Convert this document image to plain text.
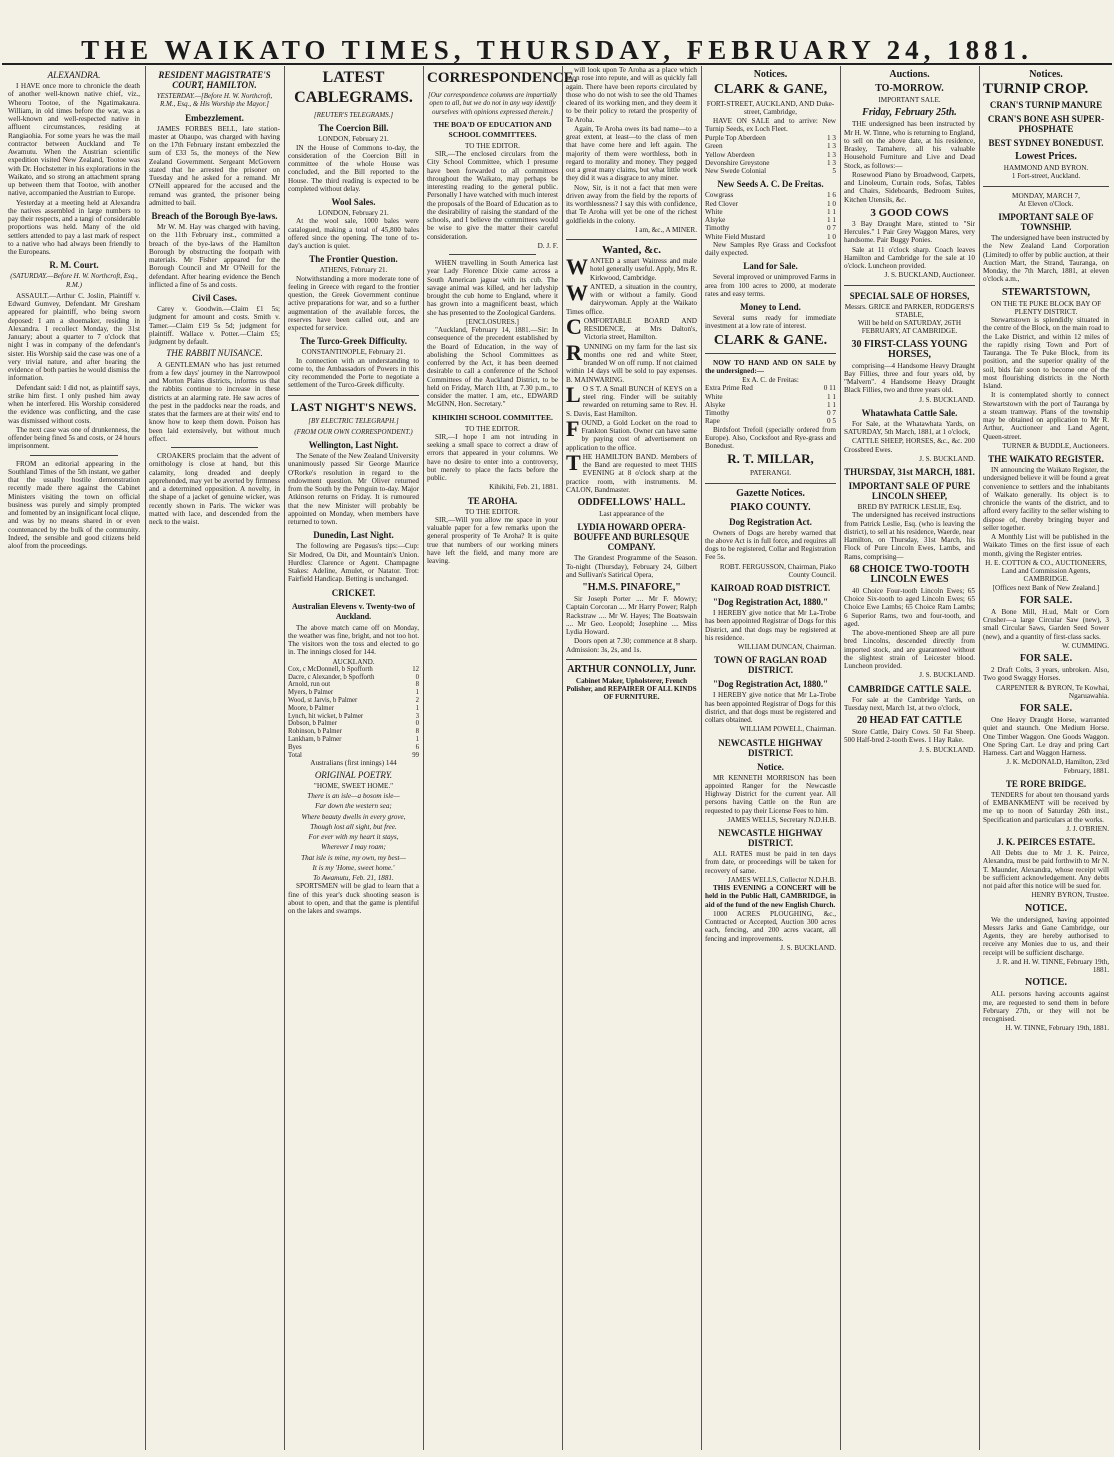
THE WAIKATO TIMES, THURSDAY, FEBRUARY 24, 1881.
ALEXANDRA.

I HAVE once more to chronicle the death of another well-known native chief, viz., Wheoru Tootoe, of the Ngatimakaura. William, in old times before the war, was a well-known and well-respected native in affluent circumstances, residing at Rangiaohia. For some years he was the mail contractor between Auckland and Te Awamutu. When the Austrian scientific expedition visited New Zealand, Tootoe was with Dr. Hochstetter in his explorations in the Waikato, and so strong an attachment sprang up between them that Tootoe, with another native, accompanied the Austrian to Europe.

Yesterday at a meeting held at Alexandra the natives assembled in large numbers to pay their respects, and a tangi of considerable proportions was held. Many of the old settlers attended to pay a last mark of respect to a native who had always been friendly to the Europeans.

R. M. Court.
(SATURDAY.—Before H. W. Northcroft, Esq., R.M.)

ASSAULT.—Arthur C. Joslin, Plaintiff v. Edward Gumvey, Defendant. Mr Gresham appeared for plaintiff, who being sworn deposed: I am a shoemaker, residing in Alexandra. I recollect Monday, the 31st January; about a quarter to 7 o'clock that night I was in company of the defendant's sister. His Worship said the case was one of a very trivial nature, and after hearing the evidence of both parties he would dismiss the information.

Defendant said: I did not, as plaintiff says, strike him first. I only pushed him away when he interfered. His Worship considered the evidence was conflicting, and the case was dismissed without costs.

The next case was one of drunkenness, the offender being fined 5s and costs, or 24 hours imprisonment.

FROM an editorial appearing in the Southland Times of the 5th instant, we gather that the usually hostile demonstration recently made there against the Cabinet Ministers visiting the town on official business was purely and simply prompted and fomented by an insignificant local clique, and was by no means shared in or even countenanced by the bulk of the community. Indeed, the sensible and good citizens held aloof from the proceedings.

RESIDENT MAGISTRATE'S COURT, HAMILTON.
YESTERDAY.—[Before H. W. Northcroft, R.M., Esq., & His Worship the Mayor.]
Embezzlement.

JAMES FORBES BELL, late station-master at Ohaupo, was charged with having on the 17th February instant embezzled the sum of £33 5s, the moneys of the New Zealand Government. Sergeant McGovern stated that he arrested the prisoner on Tuesday and he asked for a remand. Mr O'Neill appeared for the accused and the remand was granted, the prisoner being admitted to bail.

Breach of the Borough Bye-laws.

Mr W. M. Hay was charged with having, on the 11th February inst., committed a breach of the bye-laws of the Hamilton Borough by obstructing the footpath with materials. Mr Fisher appeared for the Borough Council and Mr O'Neill for the defendant. After hearing evidence the Bench inflicted a fine of 5s and costs.

Civil Cases.

Carey v. Goodwin.—Claim £1 5s; judgment for amount and costs. Smith v. Tamer.—Claim £19 5s 5d; judgment for plaintiff. Wallace v. Potter.—Claim £5; judgment by default.

THE RABBIT NUISANCE.

A GENTLEMAN who has just returned from a few days' journey in the Narrowpool and Morton Plains districts, informs us that the rabbits continue to increase in these districts at an alarming rate. He saw acres of the pest in the paddocks near the roads, and states that the farmers are at their wits' end to know how to keep them down. Poison has been laid extensively, but without much effect.

CROAKERS proclaim that the advent of ornithology is close at hand, but this calamity, long dreaded and deeply apprehended, may yet be averted by firmness and a determined opposition. A novelty, in the shape of a jacket of genuine wicker, was recently shown in Paris. The wicker was matted with lace, and descended from the neck to the waist.

LATEST CABLEGRAMS.
[REUTER'S TELEGRAMS.]
The Coercion Bill.
LONDON, February 21.

IN the House of Commons to-day, the consideration of the Coercion Bill in committee of the whole House was concluded, and the Bill reported to the House. The third reading is expected to be completed without delay.

Wool Sales.
LONDON, February 21.

At the wool sale, 1000 bales were catalogued, making a total of 45,800 bales offered since the opening. The tone of to-day's auction is quiet.

The Frontier Question.
ATHENS, February 21.

Notwithstanding a more moderate tone of feeling in Greece with regard to the frontier question, the Greek Government continue active preparations for war, and so a further augmentation of the available forces, the reserves have been called out, and are expected for service.

The Turco-Greek Difficulty.
CONSTANTINOPLE, February 21.

In connection with an understanding to come to, the Ambassadors of Powers in this city recommended the Porte to negotiate a settlement of the Turco-Greek difficulty.

LAST NIGHT'S NEWS.
[BY ELECTRIC TELEGRAPH.]
(FROM OUR OWN CORRESPONDENT.)
Wellington, Last Night.

The Senate of the New Zealand University unanimously passed Sir George Maurice O'Rorke's resolution in regard to the endowment question. Mr Oliver returned from the South by the Penguin to-day. Major Atkinson returns on Friday. It is rumoured that the new Minister will probably be appointed on Monday, when members have returned to town.

Dunedin, Last Night.

The following are Pegasus's tips:—Cup: Sir Modred, Oa Dit, and Mountain's Union. Hurdles: Clarence or Agent. Champagne Stakes: Adeline, Amulet, or Natator. Trot: Fairfield Handicap. Betting is unchanged.

CRICKET.
Australian Elevens v. Twenty-two of Auckland.

The above match came off on Monday, the weather was fine, bright, and not too hot. The visitors won the toss and elected to go in. The innings closed for 144.

AUCKLAND.
Cox, c McDonnell, b Spofforth	12
Dacre, c Alexander, b Spofforth	0
Arnold, run out	8
Myers, b Palmer	1
Wood, st Jarvis, b Palmer	2
Moore, b Palmer	1
Lynch, hit wicket, b Palmer	3
Dobson, b Palmer	0
Robinson, b Palmer	8
Lankham, b Palmer	1
Byes	6
Total	99
Australians (first innings) 144
ORIGINAL POETRY.
"HOME, SWEET HOME."
There is an isle—a bosom isle—
Far down the western sea;
Where beauty dwells in every grove,
Though lost all sight, but free.
For ever with my heart it stays,
Wherever I may roam;
That isle is mine, my own, my best—
It is my 'Home, sweet home.'
To Awamutu, Feb. 21, 1881.

SPORTSMEN will be glad to learn that a fine of this year's duck shooting season is about to open, and that the game is plentiful on the lakes and swamps.

CORRESPONDENCE.
[Our correspondence columns are impartially open to all, but we do not in any way identify ourselves with opinions expressed therein.]
THE BOA'D OF EDUCATION AND SCHOOL COMMITTEES.
TO THE EDITOR.

SIR,—The enclosed circulars from the City School Committee, which I presume have been forwarded to all committees throughout the Waikato, may perhaps be interesting reading to the general public. Personally I have watched with much interest the proposals of the Board of Education as to the desirability of raising the standard of the schools, and I believe the committees would be wise to give the matter their careful consideration.

D. J. F.

WHEN travelling in South America last year Lady Florence Dixie came across a South American jaguar with its cub. The savage animal was killed, and her ladyship brought the cub home to England, where it has grown into a magnificent beast, which she has presented to the Zoological Gardens.

[ENCLOSURES.]

"Auckland, February 14, 1881.—Sir: In consequence of the precedent established by the Board of Education, in the way of abolishing the School Committees as conferred by the Act, it has been deemed desirable to call a conference of the School Committees of the Auckland District, to be held on Friday, March 11th, at 7.30 p.m., to consider the matter. I am, etc., EDWARD McGINN, Hon. Secretary."

KIHIKIHI SCHOOL COMMITTEE.
TO THE EDITOR.

SIR,—I hope I am not intruding in seeking a small space to correct a draw of errors that appeared in your columns. We have no desire to enter into a controversy, but merely to place the facts before the public.

Kihikihi, Feb. 21, 1881.
TE AROHA.
TO THE EDITOR.

SIR,—Will you allow me space in your valuable paper for a few remarks upon the general prosperity of Te Aroha? It is quite true that numbers of our working miners have left the field, and many more are leaving.

will look upon Te Aroha as a place which soon rose into repute, and will as quickly fall again. There have been reports circulated by those who do not wish to see the old Thames cleared of its working men, and they deem it to be their policy to retard the prosperity of Te Aroha.

Again, Te Aroha owes its bad name—to a great extent, at least—to the class of men that have come here and left again. The majority of them were worthless, both in regard to morality and money. They pegged out a great many claims, but what little work they did it was a disgrace to any miner.

Now, Sir, is it not a fact that men were driven away from the field by the reports of its worthlessness? I say this with confidence, that Te Aroha will yet be one of the richest goldfields in the colony.

I am, &c., A MINER.
Wanted, &c.

WANTED a smart Waitress and male hotel generally useful. Apply, Mrs R. Kirkwood, Cambridge.

WANTED, a situation in the country, with or without a family. Good dairywoman. Apply at the Waikato Times office.

COMFORTABLE BOARD AND RESIDENCE, at Mrs Dalton's, Victoria street, Hamilton.

RUNNING on my farm for the last six months one red and white Steer, branded W on off rump. If not claimed within 14 days will be sold to pay expenses. B. MAINWARING.

L O S T. A Small BUNCH of KEYS on a steel ring. Finder will be suitably rewarded on returning same to Rev. H. S. Davis, East Hamilton.

FOUND, a Gold Locket on the road to Frankton Station. Owner can have same by paying cost of advertisement on application to the office.

THE HAMILTON BAND. Members of the Band are requested to meet THIS EVENING at 8 o'clock sharp at the practice room, with instruments. M. CALON, Bandmaster.

ODDFELLOWS' HALL.
Last appearance of the
LYDIA HOWARD OPERA-BOUFFE AND BURLESQUE COMPANY.

The Grandest Programme of the Season. To-night (Thursday), February 24, Gilbert and Sullivan's Satirical Opera,

"H.M.S. PINAFORE,"

Sir Joseph Porter .... Mr F. Mowry; Captain Corcoran .... Mr Harry Power; Ralph Rackstraw .... Mr W. Hayes; The Boatswain .... Mr Geo. Leopold; Josephine .... Miss Lydia Howard.

Doors open at 7.30; commence at 8 sharp. Admission: 3s, 2s, and 1s.

ARTHUR CONNOLLY, Junr.
Cabinet Maker, Upholsterer, French Polisher, and REPAIRER OF ALL KINDS OF FURNITURE.
Notices.
CLARK & GANE,
FORT-STREET, AUCKLAND, AND Duke-street, Cambridge,

HAVE ON SALE and to arrive: New Turnip Seeds, ex Loch Fleet.

Purple Top Aberdeen	1 3
Green	1 3
Yellow Aberdeen	1 3
Devonshire Greystone	1 3
New Swede Colonial	5
New Seeds A. C. De Freitas.
Cowgrass	1 6
Red Clover	1 0
White	1 1
Alsyke	1 1
Timothy	0 7
White Field Mustard	1 0

New Samples Rye Grass and Cocksfoot daily expected.

Land for Sale.

Several improved or unimproved Farms in area from 100 acres to 2000, at moderate rates and easy terms.

Money to Lend.

Several sums ready for immediate investment at a low rate of interest.

CLARK & GANE.

NOW TO HAND AND ON SALE by the undersigned:—

Ex A. C. de Freitas:
Extra Prime Red	0 11
White	1 1
Alsyke	1 1
Timothy	0 7
Rape	0 5

Birdsfoot Trefoil (specially ordered from Europe). Also, Cocksfoot and Rye-grass and Bonedust.

R. T. MILLAR,
PATERANGI.
Gazette Notices.
PIAKO COUNTY.
Dog Registration Act.

Owners of Dogs are hereby warned that the above Act is in full force, and requires all dogs to be registered, Collar and Registration Fee 5s.

ROBT. FERGUSSON, Chairman, Piako County Council.
KAIROAD ROAD DISTRICT.
"Dog Registration Act, 1880."

I HEREBY give notice that Mr La-Trobe has been appointed Registrar of Dogs for this District, and that dogs may be registered at his residence.

WILLIAM DUNCAN, Chairman.
TOWN OF RAGLAN ROAD DISTRICT.
"Dog Registration Act, 1880."

I HEREBY give notice that Mr La-Trobe has been appointed Registrar of Dogs for this district, and that dogs must be registered and collars obtained.

WILLIAM POWELL, Chairman.
NEWCASTLE HIGHWAY DISTRICT.
Notice.

MR KENNETH MORRISON has been appointed Ranger for the Newcastle Highway District for the current year. All persons having Cattle on the Run are requested to pay their License Fees to him.

JAMES WELLS, Secretary N.D.H.B.
NEWCASTLE HIGHWAY DISTRICT.

ALL RATES must be paid in ten days from date, or proceedings will be taken for recovery of same.

JAMES WELLS, Collector N.D.H.B.

THIS EVENING a CONCERT will be held in the Public Hall, CAMBRIDGE, in aid of the fund of the new English Church.

1000 ACRES PLOUGHING, &c., Contracted or Accepted, Auction 300 acres each, fencing, and 200 acres vacant, all fencing and improvements.

J. S. BUCKLAND.
Auctions.
TO-MORROW.
IMPORTANT SALE.
Friday, February 25th.

THE undersigned has been instructed by Mr H. W. Tinne, who is returning to England, to sell on the above date, at his residence, Brasley, Tamahere, all his valuable Household Furniture and Live and Dead Stock, as follows:—

Rosewood Piano by Broadwood, Carpets, and Linoleum, Curtain rods, Sofas, Tables and Chairs, Sideboards, Bedroom Suites, Kitchen Utensils, &c.

3 GOOD COWS

3 Bay Draught Mare, stinted to "Sir Hercules." 1 Pair Grey Waggon Mares, very handsome. Pair Buggy Ponies.

Sale at 11 o'clock sharp. Coach leaves Hamilton and Cambridge for the sale at 10 o'clock. Luncheon provided.

J. S. BUCKLAND, Auctioneer.
SPECIAL SALE OF HORSES,
Messrs. GRICE and PARKER, RODGERS'S STABLE,
Will be held on SATURDAY, 26TH FEBRUARY, AT CAMBRIDGE.
30 FIRST-CLASS YOUNG HORSES,

comprising—4 Handsome Heavy Draught Bay Fillies, three and four years old, by "Malvern". 4 Handsome Heavy Draught Black Fillies, two and three years old.

J. S. BUCKLAND.
Whatawhata Cattle Sale.

For Sale, at the Whatawhata Yards, on SATURDAY, 5th March, 1881, at 1 o'clock,

CATTLE SHEEP, HORSES, &c., &c. 200 Crossbred Ewes.

J. S. BUCKLAND.
THURSDAY, 31st MARCH, 1881.
IMPORTANT SALE OF PURE LINCOLN SHEEP,
BRED BY PATRICK LESLIE, Esq.

The undersigned has received instructions from Patrick Leslie, Esq. (who is leaving the district), to sell at his residence, Waerde, near Hamilton, on Thursday, 31st March, his Flock of Pure Lincoln Ewes, Lambs, and Rams, comprising—

68 CHOICE TWO-TOOTH LINCOLN EWES

40 Choice Four-tooth Lincoln Ewes; 65 Choice Six-tooth to aged Lincoln Ewes; 65 Choice Ewe Lambs; 65 Choice Ram Lambs; 6 Superior Rams, two and four-tooth, and aged.

The above-mentioned Sheep are all pure bred Lincolns, descended directly from imported stock, and are guaranteed without the slightest strain of Leicester blood. Luncheon provided.

J. S. BUCKLAND.
CAMBRIDGE CATTLE SALE.

For sale at the Cambridge Yards, on Tuesday next, March 1st, at two o'clock,

20 HEAD FAT CATTLE

Store Cattle, Dairy Cows. 50 Fat Sheep. 500 Half-bred 2-tooth Ewes. 1 Hay Rake.

J. S. BUCKLAND.
Notices.
TURNIP CROP.
CRAN'S TURNIP MANURE
CRAN'S BONE ASH SUPER-PHOSPHATE
BEST SYDNEY BONEDUST.
Lowest Prices.
HAMMOND AND BYRON.
1 Fort-street, Auckland.
MONDAY, MARCH 7,
At Eleven o'Clock.
IMPORTANT SALE OF TOWNSHIP.

The undersigned have been instructed by the New Zealand Land Corporation (Limited) to offer by public auction, at their Auction Mart, the Strand, Tauranga, on Monday, the 7th March, 1881, at eleven o'clock a.m.,

STEWARTSTOWN,
ON THE TE PUKE BLOCK BAY OF PLENTY DISTRICT.

Stewartstown is splendidly situated in the centre of the Block, on the main road to the Lake District, and within 12 miles of the rapidly rising Town and Port of Tauranga. The Te Puke Block, from its position, and the superior quality of the soil, bids fair soon to become one of the most flourishing districts in the North Island.

It is contemplated shortly to connect Stewartstown with the port of Tauranga by a steam tramway. Plans of the township may be obtained on application to Mr R. Arthur, Auctioneer and Land Agent, Queen-street.

TURNER & BUDDLE, Auctioneers.
THE WAIKATO REGISTER.

IN announcing the Waikato Register, the undersigned believe it will be found a great convenience to settlers and the inhabitants of Waikato generally. Its object is to chronicle the wants of the district, and to afford every facility to the seller wishing to dispose of, thereby bringing buyer and seller together.

A Monthly List will be published in the Waikato Times on the first issue of each month, giving the Register entries.

H. E. COTTON & CO., AUCTIONEERS, Land and Commission Agents, CAMBRIDGE.
[Offices next Bank of New Zealand.]
FOR SALE.

A Bone Mill, H.ud, Malt or Corn Crusher—a large Circular Saw (new), 3 small Circular Saws, Garden Seed Sower (new), and a quantity of first-class sacks.

W. CUMMING.
FOR SALE.

2 Draft Colts, 3 years, unbroken. Also, Two good Swaggy Horses.

CARPENTER & BYRON, Te Kowhai, Ngaruawahia.
FOR SALE.

One Heavy Draught Horse, warranted quiet and staunch. One Medium Horse. One Timber Waggon. One Goods Waggon. One Spring Cart. Le dray and pring Cart Harness. Cart and Waggon Harness.

J. K. McDONALD, Hamilton, 23rd February, 1881.
TE RORE BRIDGE.

TENDERS for about ten thousand yards of EMBANKMENT will be received by me up to noon of Saturday 26th inst., Specification and particulars at the works.

J. J. O'BRIEN.
J. K. PEIRCES ESTATE.

All Debts due to Mr J. K. Peirce, Alexandra, must be paid forthwith to Mr N. T. Maunder, Alexandra, whose receipt will be sufficient acknowledgement. Any debts not paid after this notice will be sued for.

HENRY BYRON, Trustee.
NOTICE.

We the undersigned, having appointed Messrs Jarks and Gane Cambridge, our Agents, they are hereby authorised to receive any Monies due to us, and their receipt will be sufficient discharge.

J. R. and H. W. TINNE, February 19th, 1881.
NOTICE.

ALL persons having accounts against me, are requested to send them in before February 27th, or they will not be recognised.

H. W. TINNE, February 19th, 1881.
